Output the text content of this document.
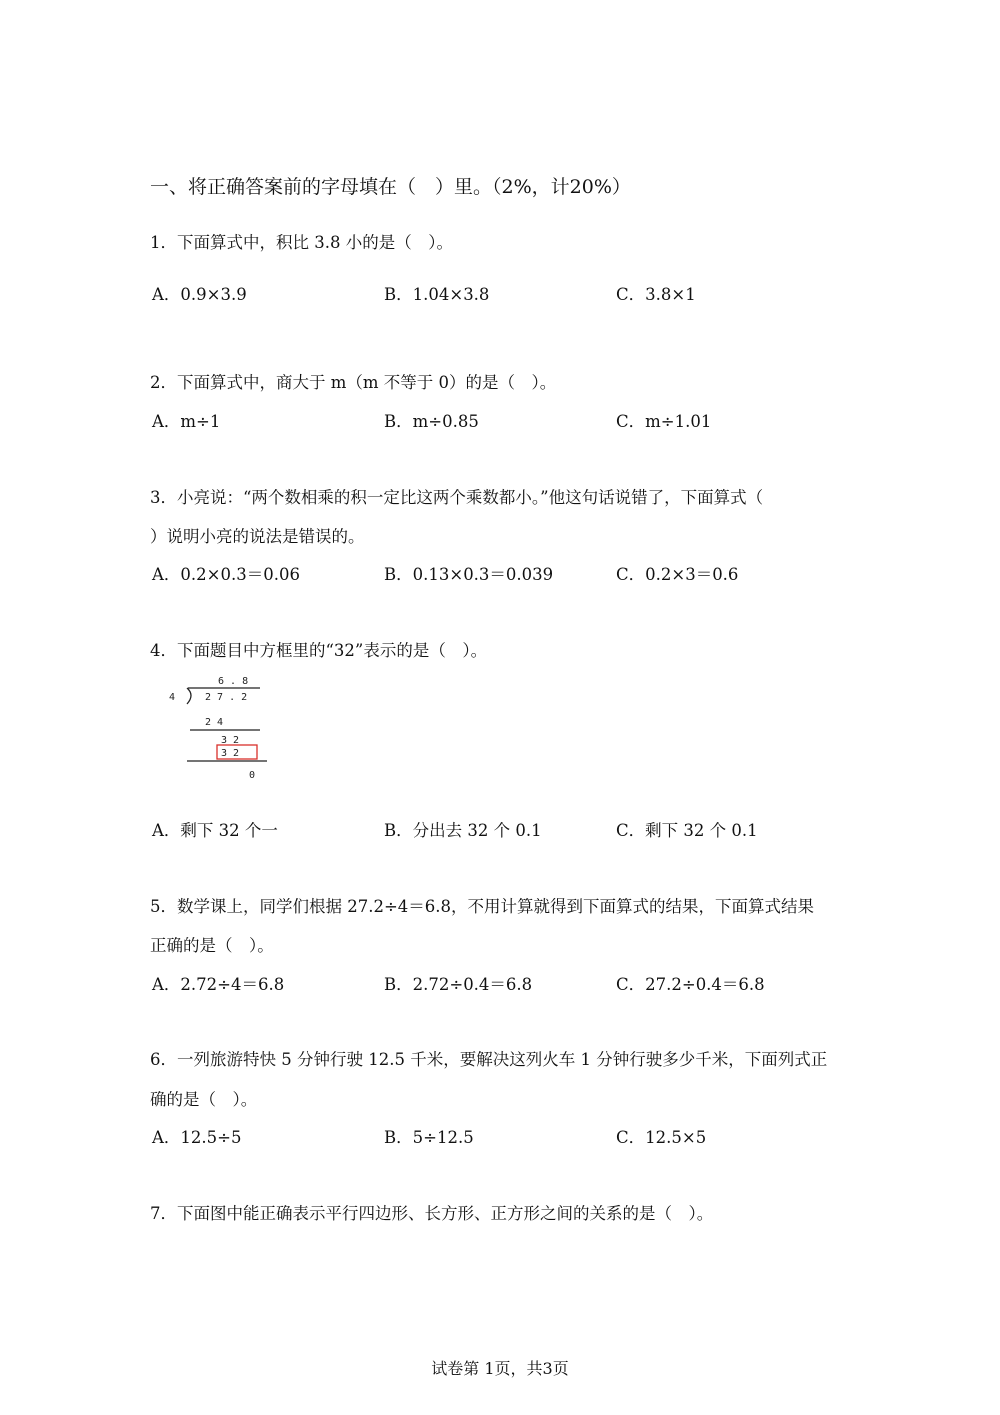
一、将正确答案前的字母填在（　）里。（2%，计20%）
1．下面算式中，积比 3.8 小的是（　）。
A．0.9×3.9	B．1.04×3.8	C．3.8×1
2．下面算式中，商大于 m（m 不等于 0）的是（　）。
A．m÷1	B．m÷0.85	C．m÷1.01
3．小亮说：“两个数相乘的积一定比这两个乘数都小。”他这句话说错了，下面算式（
）说明小亮的说法是错误的。
A．0.2×0.3＝0.06	B．0.13×0.3＝0.039	C．0.2×3＝0.6
4．下面题目中方框里的“32”表示的是（　）。
6 . 8
4	2 7 . 2
2 4
3 2
3 2
0
A．剩下 32 个一	B．分出去 32 个 0.1	C．剩下 32 个 0.1
5．数学课上，同学们根据 27.2÷4＝6.8，不用计算就得到下面算式的结果，下面算式结果
正确的是（　）。
A．2.72÷4＝6.8	B．2.72÷0.4＝6.8	C．27.2÷0.4＝6.8
6．一列旅游特快 5 分钟行驶 12.5 千米，要解决这列火车 1 分钟行驶多少千米，下面列式正
确的是（　）。
A．12.5÷5	B．5÷12.5	C．12.5×5
7．下面图中能正确表示平行四边形、长方形、正方形之间的关系的是（　）。
试卷第 1页，共3页
